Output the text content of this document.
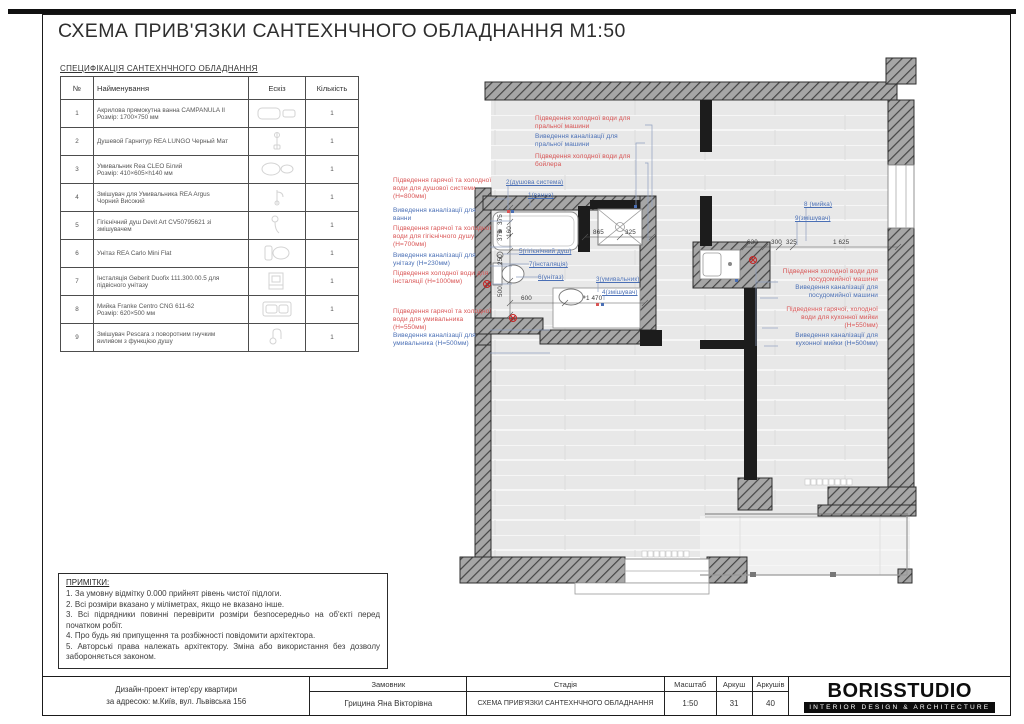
СХЕМА ПРИВ'ЯЗКИ САНТЕХНЧНОГО ОБЛАДНАННЯ М1:50
СПЕЦИФІКАЦІЯ САНТЕХНЧНОГО ОБЛАДНАННЯ
№	Найменування	Ескіз	Кількість
1	Акрилова прямокутна ванна CAMPANULA II
Розмір: 1700×750 мм		1
2	Душевой Гарнитур REA LUNGO Черный Мат		1
3	Умивальник Rea CLEO Білий
Розмір: 410×605×h140 мм		1
4	Змішувач для Умивальника REA Argus
Чорний Високий		1
5	Гігієнічний душ Devit Art CV50795621 зі
змішувачем		1
6	Унітаз REA Carlo Mini Flat		1
7	Інсталяція Geberit Duofix 111.300.00.5 для
підвісного унітазу		1
8	Мийка Franke Centro CNG 611-62
Розмір: 620×500 мм		1
9	Змішувач Pescara з поворотним гнучким
виливом з функцією душу		1
Підведення холодної води для пральної машини
Підведення холодної води для бойлера
Підведення гарячої та холодної води для душової системи (Н=800мм)
Підведення гарячої та холодної води для гігієнічного душу (Н=700мм)
Підведення холодної води для інсталяції (Н=1000мм)
Підведення гарячої та холодної води для умивальника (Н=550мм)
Підведення холодної води для посудомийної машини
Підведення гарячої, холодної води для кухонної мийки (Н=550мм)
Виведення каналізації для пральної машини
Виведення каналізації для ванни
Виведення каналізації для унітазу (Н=230мм)
Виведення каналізації для умивальника (Н=500мм)
Виведення каналізації для посудомийної машини
Виведення каналізації для кухонної мийки (Н=500мм)
2(душова система)
1(ванна)
5(гігієнічний душ)
7(інсталяція)
6(унітаз)	3(умивальник)
4(змішувач)
8 (мийка)
9(змішувач)
375
375 160
250
500
865	325
630 300 325	1 625
600	1 470
ПРИМІТКИ:
1. За умовну відмітку 0.000 прийнят рівень чистої підлоги.
2. Всі розміри вказано у міліметрах, якщо не вказано інше.
3. Всі підрядники повинні перевірити розміри безпосередньо на об'єкті перед початком робіт.
4. Про будь які припущення та розбіжності повідомити архітектора.
5. Авторські права належать архітектору. Зміна або використання без дозволу забороняється законом.
Дизайн-проект інтер'єру квартири
за адресою: м.Київ, вул. Львівська 156
Замовник
Грицина Яна Вікторівна
Стадія
СХЕМА ПРИВ'ЯЗКИ САНТЕХНЧНОГО ОБЛАДНАННЯ
Масштаб
1:50
Аркуш
31
Аркушів
40
BORISSTUDIO
INTERIOR DESIGN & ARCHITECTURE
